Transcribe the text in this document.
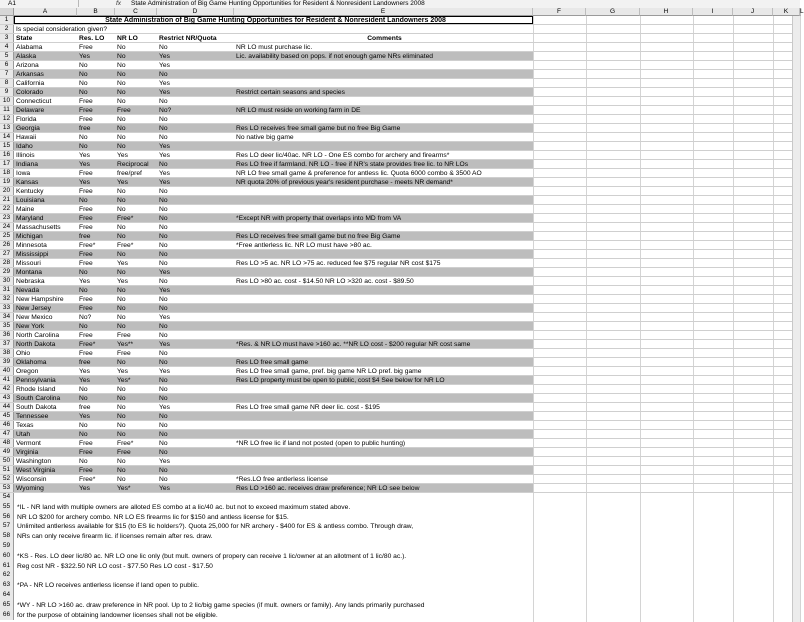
A1	fx State Administration of Big Game Hunting Opportunities for Resident & Nonresident Landowners 2008
A	B	C	D	E	F	G	H	I	J	K	L
1	State Administration of Big Game Hunting Opportunities for Resident & Nonresident Landowners 2008
2	Is special consideration given?
3	State	Res. LO	NR LO	Restrict NR/Quota	Comments
4	Alabama	Free	No	No	NR LO must purchase lic.
5	Alaska	Yes	No	Yes	Lic. availability based on pops. if not enough game NRs eliminated
6	Arizona	No	No	Yes
7	Arkansas	No	No	No
8	California	No	No	Yes
9	Colorado	No	No	Yes	Restrict certain seasons and species
10 Connecticut	Free	No	No
11 Delaware	Free	Free	No?	NR LO must reside on working farm in DE
12 Florida	Free	No	No
13 Georgia	free	No	No	Res LO receives free small game but no free Big Game
14 Hawaii	No	No	No	No native big game
15 Idaho	No	No	Yes
16 Illinois	Yes	Yes	Yes	Res LO deer lic/40ac. NR LO - One ES combo for archery and firearms*
17 Indiana	Yes	Reciprocal	No	Res LO free if farmland. NR LO - free if NR's state provides free lic. to NR LOs
18 Iowa	Free	free/pref	Yes	NR LO free small game & preference for antless lic. Quota 6000 combo & 3500 AO
19 Kansas	Yes	Yes	Yes	NR quota 20% of previous year's resident purchase - meets NR demand*
20 Kentucky	Free	No	No
21 Louisiana	No	No	No
22 Maine	Free	No	No
23 Maryland	Free	Free*	No	*Except NR with property that overlaps into MD from VA
24 Massachusetts	Free	No	No
25 Michigan	free	No	No	Res LO receives free small game but no free Big Game
26 Minnesota	Free*	Free*	No	*Free antlerless lic. NR LO must have >80 ac.
27 Mississippi	Free	No	No
28 Missouri	Free	Yes	No	Res LO >5 ac. NR LO >75 ac. reduced fee $75 regular NR cost $175
29 Montana	No	No	Yes
30 Nebraska	Yes	Yes	No	Res LO >80 ac. cost - $14.50 NR LO >320 ac. cost - $89.50
31 Nevada	No	No	Yes
32 New Hampshire	Free	No	No
33 New Jersey	Free	No	No
34 New Mexico	No?	No	Yes
35 New York	No	No	No
36 North Carolina	Free	Free	No
37 North Dakota	Free*	Yes**	Yes	*Res. & NR LO must have >160 ac. **NR LO cost - $200 regular NR cost same
38 Ohio	Free	Free	No
39 Oklahoma	free	No	No	Res LO free small game
40 Oregon	Yes	Yes	Yes	Res LO free small game, pref. big game NR LO pref. big game
41 Pennsylvania	Yes	Yes*	No	Res LO property must be open to public, cost $4 See below for NR LO
42 Rhode Island	No	No	No
43 South Carolina	No	No	No
44 South Dakota	free	No	Yes	Res LO free small game NR deer lic. cost - $195
45 Tennessee	Yes	No	No
46 Texas	No	No	No
47 Utah	No	No	No
48 Vermont	Free	Free*	No	*NR LO free lic if land not posted (open to public hunting)
49 Virginia	Free	Free	No
50 Washington	No	No	Yes
51 West Virginia	Free	No	No
52 Wisconsin	Free*	No	No	*Res.LO free antlerless license
53 Wyoming	Yes	Yes*	Yes	Res LO >160 ac. receives draw preference; NR LO see below
54
55	*IL - NR land with multiple owners are alloted ES combo at a lic/40 ac. but not to exceed maximum stated above.
56	NR LO $200 for archery combo. NR LO ES firearms lic for $150 and antless license for $15.
57	Unlimited antlerless available for $15 (to ES lic holders?). Quota 25,000 for NR archery - $400 for ES & antless combo. Through draw,
58	NRs can only receive firearm lic. if licenses remain after res. draw.
59
60	*KS - Res. LO deer lic/80 ac. NR LO one lic only (but mult. owners of propery can receive 1 lic/owner at an allotment of 1 lic/80 ac.).
61	Reg cost NR - $322.50 NR LO cost - $77.50 Res LO cost - $17.50
62
63	*PA - NR LO receives antlerless license if land open to public.
64
65	*WY - NR LO >160 ac. draw preference in NR pool. Up to 2 lic/big game species (if mult. owners or family). Any lands primarily purchased
66	for the purpose of obtaining landowner licenses shall not be eligible.
